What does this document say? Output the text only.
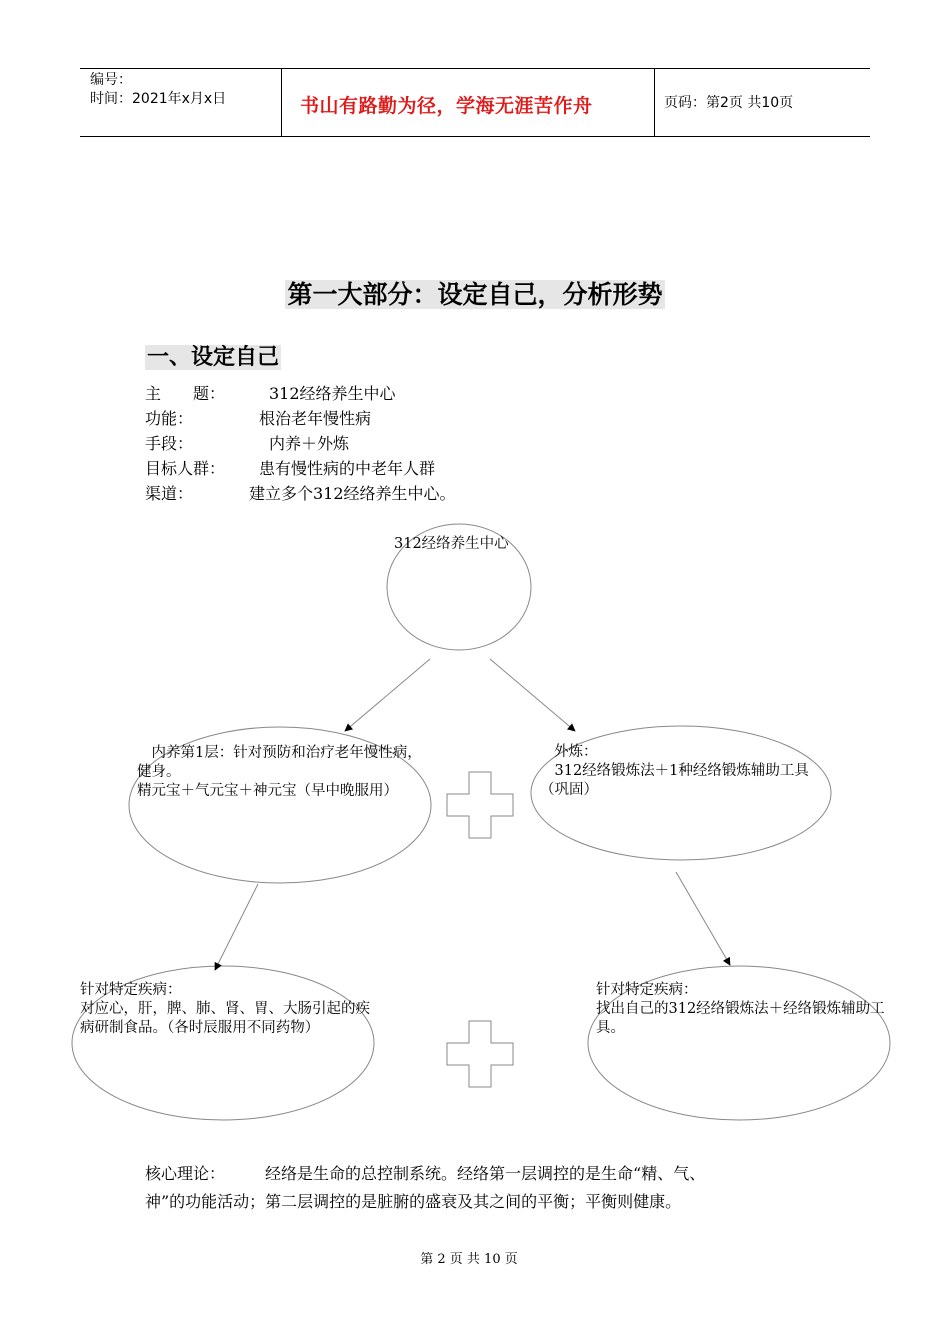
编号：
时间：2021年x月x日	书山有路勤为径，学海无涯苦作舟	页码：第2页 共10页
第一大部分：设定自己，分析形势
一、设定自己
主　　题：	312经络养生中心
功能：	根治老年慢性病
手段：	内养＋外炼
目标人群： 患有慢性病的中老年人群
渠道：	建立多个312经络养生中心。
312经络养生中心
　内养第1层：针对预防和治疗老年慢性病，健身。
精元宝＋气元宝＋神元宝（早中晚服用）
外炼：
　312经络锻炼法＋1种经络锻炼辅助工具（巩固）
针对特定疾病：
对应心，肝，脾、肺、肾、胃、大肠引起的疾病研制食品。（各时辰服用不同药物）
针对特定疾病：
找出自己的312经络锻炼法＋经络锻炼辅助工具。
核心理论：	经络是生命的总控制系统。经络第一层调控的是生命“精、气、
神”的功能活动；第二层调控的是脏腑的盛衰及其之间的平衡；平衡则健康。
第 2 页 共 10 页
